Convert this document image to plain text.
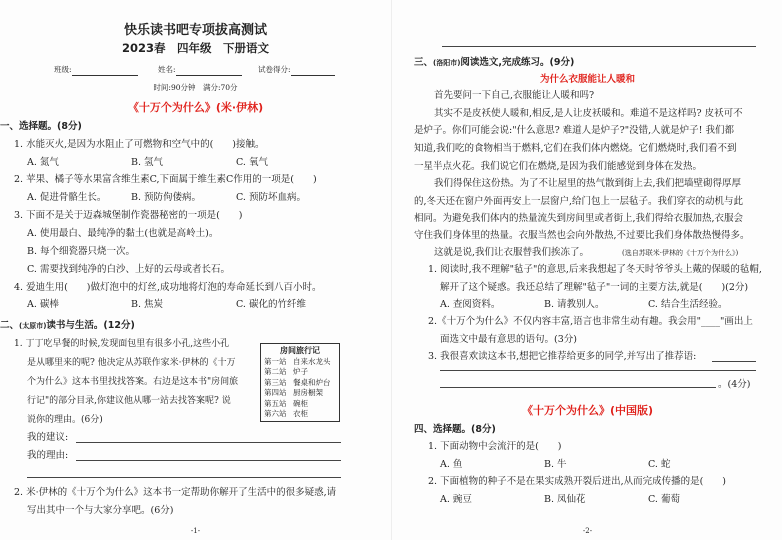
快乐读书吧专项拔高测试
2023春　四年级　下册语文
班级:	姓名:	试卷得分:
时间:90分钟　满分:70分
《十万个为什么》(米·伊林)
一、选择题。(8分)
1. 水能灭火,是因为水阻止了可燃物和空气中的(　　)接触。
A. 氮气	B. 氢气	C. 氧气
2. 苹果、橘子等水果富含维生素C,下面属于维生素C作用的一项是(　　)
A. 促进骨骼生长。	B. 预防佝偻病。	C. 预防坏血病。
3. 下面不是关于迈森城堡制作瓷器秘密的一项是(　　)
A. 使用最白、最纯净的黏土(也就是高岭土)。
B. 每个细瓷器只烧一次。
C. 需要找到纯净的白沙、上好的云母或者长石。
4. 爱迪生用(　　)做灯泡中的灯丝,成功地将灯泡的寿命延长到八百小时。
A. 碳棒	B. 焦炭	C. 碳化的竹纤维
二、(太原市)读书与生活。(12分)
1. 丁丁吃早餐的时候,发现面包里有很多小孔,这些小孔
是从哪里来的呢? 他决定从苏联作家米·伊林的《十万
个为什么》这本书里找找答案。右边是这本书"房间旅
行记"的部分目录,你建议他从哪一站去找答案呢? 说
说你的理由。(6分)
房间旅行记
第一站 自来水龙头
第二站 炉子
第三站 餐桌和炉台
第四站 厨房橱架
第五站 碗柜
第六站 衣柜
我的建议:
我的理由:
2. 米·伊林的《十万个为什么》这本书一定帮助你解开了生活中的很多疑惑,请
写出其中一个与大家分享吧。(6分)
-1-
三、(洛阳市)阅读选文,完成练习。(9分)
为什么衣服能让人暖和
首先要问一下自己,衣服能让人暖和吗?
其实不是皮袄使人暖和,相反,是人让皮袄暖和。难道不是这样吗? 皮袄可不
是炉子。你们可能会说:"什么意思? 难道人是炉子?"没错,人就是炉子! 我们都
知道,我们吃的食物相当于燃料,它们在我们体内燃烧。它们燃烧时,我们看不到
一星半点火花。我们说它们在燃烧,是因为我们能感觉到身体在发热。
我们得保住这份热。为了不让屋里的热气散到街上去,我们把墙壁砌得厚厚
的,冬天还在窗户外面再安上一层窗户,给门包上一层毡子。我们穿衣的动机与此
相同。为避免我们体内的热量流失到房间里或者街上,我们得给衣服加热,衣服会
守住我们身体里的热量。衣服当然也会向外散热,不过要比我们身体散热慢得多。
这就是说,我们让衣服替我们挨冻了。	(选自苏联米·伊林的《十万个为什么》)
1. 阅读时,我不理解"毡子"的意思,后来我想起了冬天时爷爷头上戴的保暖的毡帽,
解开了这个疑惑。我还总结了理解"毡子"一词的主要方法,就是(　　)(2分)
A. 查阅资料。	B. 请教别人。	C. 结合生活经验。
2.《十万个为什么》不仅内容丰富,语言也非常生动有趣。我会用"____"画出上
面选文中最有意思的语句。(3分)
3. 我很喜欢读这本书,想把它推荐给更多的同学,并写出了推荐语:
。(4分)
《十万个为什么》(中国版)
四、选择题。(8分)
1. 下面动物中会流汗的是(　　)
A. 鱼	B. 牛	C. 蛇
2. 下面植物的种子不是在果实成熟开裂后迸出,从而完成传播的是(　　)
A. 豌豆	B. 凤仙花	C. 葡萄
-2-
